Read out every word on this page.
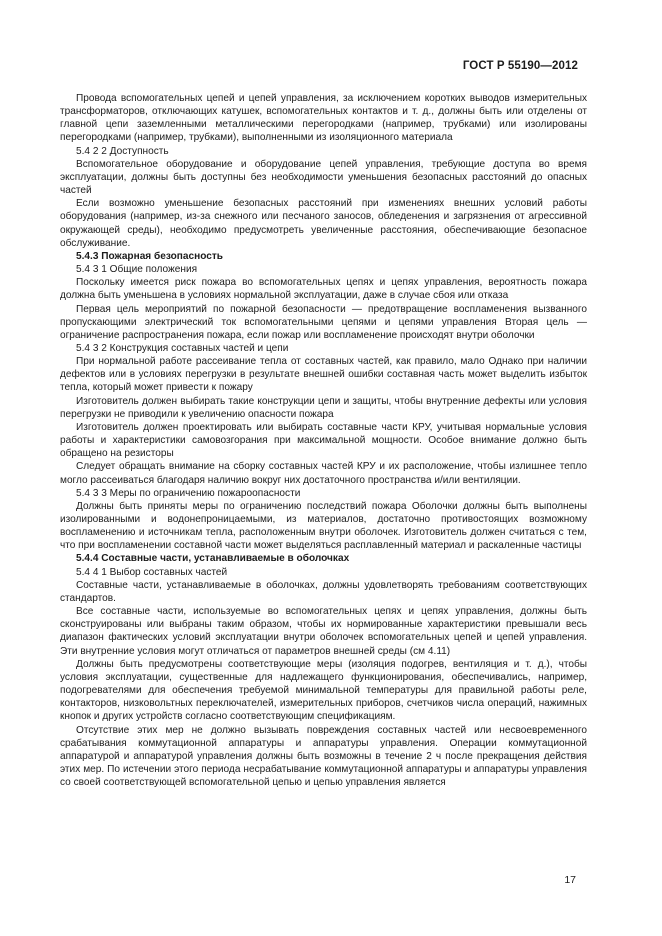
ГОСТ Р 55190—2012

Провода вспомогательных цепей и цепей управления, за исключением коротких выводов измерительных трансформаторов, отключающих катушек, вспомогательных контактов и т. д., должны быть или отделены от главной цепи заземленными металлическими перегородками (например, трубками) или изолированы перегородками (например, трубками), выполненными из изоляционного материала

5.4 2 2 Доступность

Вспомогательное оборудование и оборудование цепей управления, требующие доступа во время эксплуатации, должны быть доступны без необходимости уменьшения безопасных расстояний до опасных частей

Если возможно уменьшение безопасных расстояний при изменениях внешних условий работы оборудования (например, из-за снежного или песчаного заносов, обледенения и загрязнения от агрессивной окружающей среды), необходимо предусмотреть увеличенные расстояния, обеспечивающие безопасное обслуживание.

5.4.3 Пожарная безопасность

5.4 3 1 Общие положения

Поскольку имеется риск пожара во вспомогательных цепях и цепях управления, вероятность пожара должна быть уменьшена в условиях нормальной эксплуатации, даже в случае сбоя или отказа

Первая цель мероприятий по пожарной безопасности — предотвращение воспламенения вызванного пропускающими электрический ток вспомогательными цепями и цепями управления Вторая цель — ограничение распространения пожара, если пожар или воспламенение происходят внутри оболочки

5.4 3 2 Конструкция составных частей и цепи

При нормальной работе рассеивание тепла от составных частей, как правило, мало Однако при наличии дефектов или в условиях перегрузки в результате внешней ошибки составная часть может выделить избыток тепла, который может привести к пожару

Изготовитель должен выбирать такие конструкции цепи и защиты, чтобы внутренние дефекты или условия перегрузки не приводили к увеличению опасности пожара

Изготовитель должен проектировать или выбирать составные части КРУ, учитывая нормальные условия работы и характеристики самовозгорания при максимальной мощности. Особое внимание должно быть обращено на резисторы

Следует обращать внимание на сборку составных частей КРУ и их расположение, чтобы излишнее тепло могло рассеиваться благодаря наличию вокруг них достаточного пространства и/или вентиляции.

5.4 3 3 Меры по ограничению пожароопасности

Должны быть приняты меры по ограничению последствий пожара Оболочки должны быть выполнены изолированными и водонепроницаемыми, из материалов, достаточно противостоящих возможному воспламенению и источникам тепла, расположенным внутри оболочек. Изготовитель должен считаться с тем, что при воспламенении составной части может выделяться расплавленный материал и раскаленные частицы

5.4.4 Составные части, устанавливаемые в оболочках

5.4 4 1 Выбор составных частей

Составные части, устанавливаемые в оболочках, должны удовлетворять требованиям соответствующих стандартов.

Все составные части, используемые во вспомогательных цепях и цепях управления, должны быть сконструированы или выбраны таким образом, чтобы их нормированные характеристики превышали весь диапазон фактических условий эксплуатации внутри оболочек вспомогательных цепей и цепей управления. Эти внутренние условия могут отличаться от параметров внешней среды (см 4.11)

Должны быть предусмотрены соответствующие меры (изоляция подогрев, вентиляция и т. д.), чтобы условия эксплуатации, существенные для надлежащего функционирования, обеспечивались, например, подогревателями для обеспечения требуемой минимальной температуры для правильной работы реле, контакторов, низковольтных переключателей, измерительных приборов, счетчиков числа операций, нажимных кнопок и других устройств согласно соответствующим спецификациям.

Отсутствие этих мер не должно вызывать повреждения составных частей или несвоевременного срабатывания коммутационной аппаратуры и аппаратуры управления. Операции коммутационной аппаратурой и аппаратурой управления должны быть возможны в течение 2 ч после прекращения действия этих мер. По истечении этого периода несрабатывание коммутационной аппаратуры и аппаратуры управления со своей соответствующей вспомогательной цепью и цепью управления является

17
